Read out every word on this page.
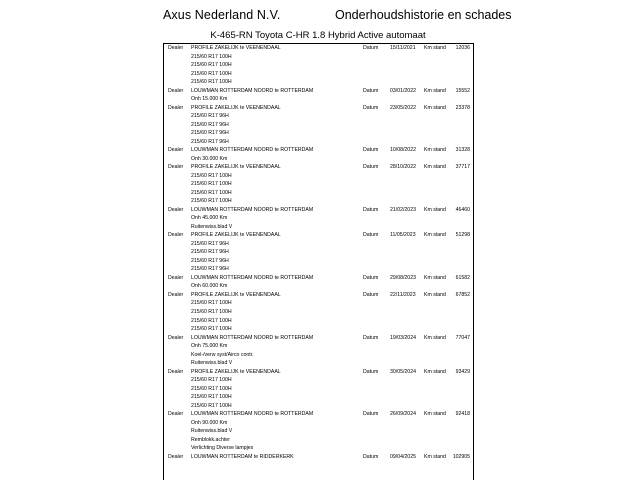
Axus Nederland N.V.	Onderhoudshistorie en schades
K-465-RN Toyota C-HR 1.8 Hybrid Active automaat
Dealer PROFILE ZAKELIJK te VEENENDAAL	Datum 15/11/2021 Km stand 12036
215/60 R17 100H
215/60 R17 100H
215/60 R17 100H
215/60 R17 100H
Dealer LOUWMAN ROTTERDAM NOORD te ROTTERDAM	Datum 03/01/2022 Km stand 15552
Onh 15.000 Km
Dealer PROFILE ZAKELIJK te VEENENDAAL	Datum 23/05/2022 Km stand 23378
215/60 R17 96H
215/60 R17 96H
215/60 R17 96H
215/60 R17 96H
Dealer LOUWMAN ROTTERDAM NOORD te ROTTERDAM	Datum 10/08/2022 Km stand 31328
Onh 30.000 Km
Dealer PROFILE ZAKELIJK te VEENENDAAL	Datum 28/10/2022 Km stand 37717
215/60 R17 100H
215/60 R17 100H
215/60 R17 100H
215/60 R17 100H
Dealer LOUWMAN ROTTERDAM NOORD te ROTTERDAM	Datum 21/02/2023 Km stand 46460
Onh 45.000 Km
Ruitenwiss.blad V
Dealer PROFILE ZAKELIJK te VEENENDAAL	Datum 11/05/2023 Km stand 51298
215/60 R17 96H
215/60 R17 96H
215/60 R17 96H
215/60 R17 96H
Dealer LOUWMAN ROTTERDAM NOORD te ROTTERDAM	Datum 29/08/2023 Km stand 61582
Onh 60.000 Km
Dealer PROFILE ZAKELIJK te VEENENDAAL	Datum 22/11/2023 Km stand 67852
215/60 R17 100H
215/60 R17 100H
215/60 R17 100H
215/60 R17 100H
Dealer LOUWMAN ROTTERDAM NOORD te ROTTERDAM	Datum 19/03/2024 Km stand 77047
Onh 75.000 Km
Koel-/verw syst/Airco contr.
Ruitenwiss.blad V
Dealer PROFILE ZAKELIJK te VEENENDAAL	Datum 30/05/2024 Km stand 93429
215/60 R17 100H
215/60 R17 100H
215/60 R17 100H
215/60 R17 100H
Dealer LOUWMAN ROTTERDAM NOORD te ROTTERDAM	Datum 26/09/2024 Km stand 92418
Onh 90.000 Km
Ruitenwiss.blad V
Remblokk.achter
Verlichting Diverse lampjes
Dealer LOUWMAN ROTTERDAM te RIDDERKERK	Datum 09/04/2025 Km stand 102905
